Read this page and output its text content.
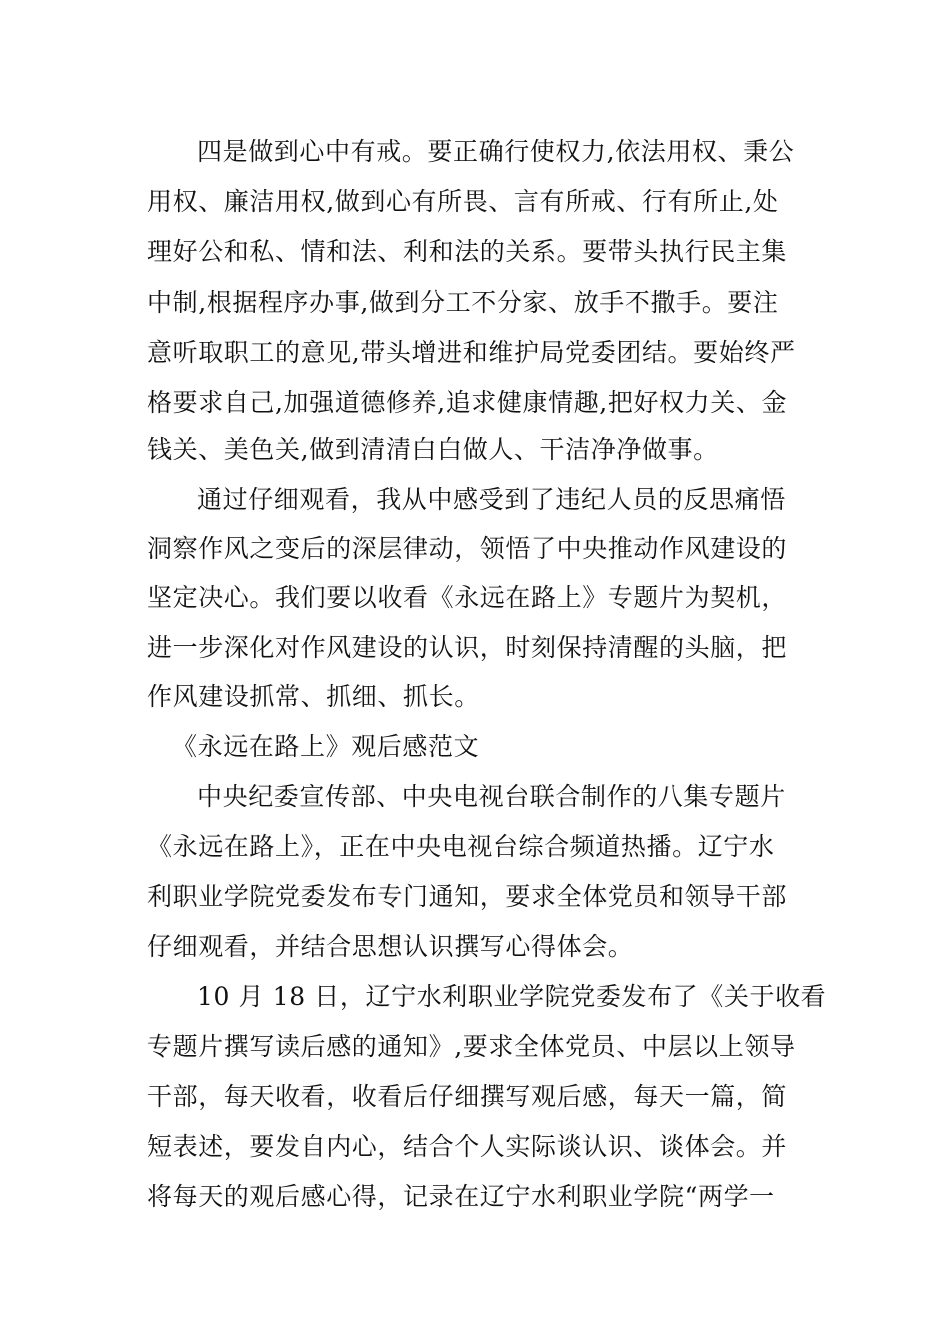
四是做到心中有戒。要正确行使权力,依法用权、秉公
用权、廉洁用权,做到心有所畏、言有所戒、行有所止,处
理好公和私、情和法、利和法的关系。要带头执行民主集
中制,根据程序办事,做到分工不分家、放手不撒手。要注
意听取职工的意见,带头增进和维护局党委团结。要始终严
格要求自己,加强道德修养,追求健康情趣,把好权力关、金
钱关、美色关,做到清清白白做人、干洁净净做事。
通过仔细观看，我从中感受到了违纪人员的反思痛悟
洞察作风之变后的深层律动，领悟了中央推动作风建设的
坚定决心。我们要以收看《永远在路上》专题片为契机，
进一步深化对作风建设的认识，时刻保持清醒的头脑，把
作风建设抓常、抓细、抓长。
《永远在路上》观后感范文
中央纪委宣传部、中央电视台联合制作的八集专题片
《永远在路上》，正在中央电视台综合频道热播。辽宁水
利职业学院党委发布专门通知，要求全体党员和领导干部
仔细观看，并结合思想认识撰写心得体会。
10 月 18 日，辽宁水利职业学院党委发布了《关于收看
专题片撰写读后感的通知》,要求全体党员、中层以上领导
干部，每天收看，收看后仔细撰写观后感，每天一篇，简
短表述，要发自内心，结合个人实际谈认识、谈体会。并
将每天的观后感心得，记录在辽宁水利职业学院“两学一
